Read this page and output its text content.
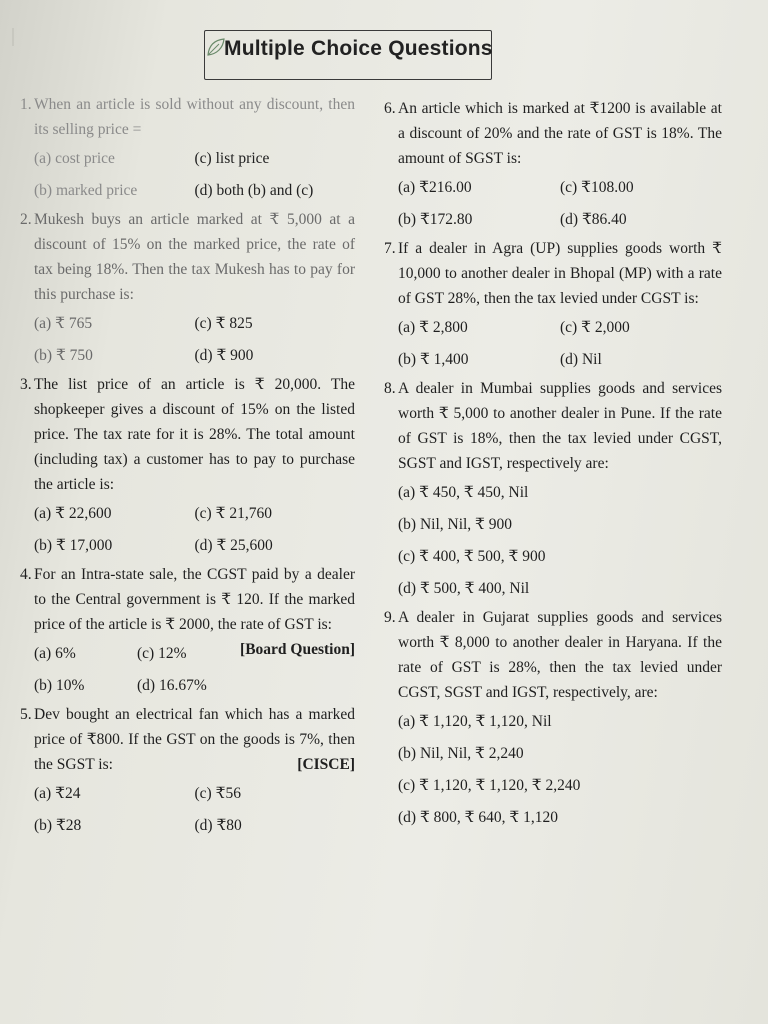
Multiple Choice Questions
1. When an article is sold without any discount, then its selling price =
(a) cost price	(c) list price
(b) marked price	(d) both (b) and (c)
2. Mukesh buys an article marked at ₹ 5,000 at a discount of 15% on the marked price, the rate of tax being 18%. Then the tax Mukesh has to pay for this purchase is:
(a) ₹ 765	(c) ₹ 825
(b) ₹ 750	(d) ₹ 900
3. The list price of an article is ₹ 20,000. The shopkeeper gives a discount of 15% on the listed price. The tax rate for it is 28%. The total amount (including tax) a customer has to pay to purchase the article is:
(a) ₹ 22,600	(c) ₹ 21,760
(b) ₹ 17,000	(d) ₹ 25,600
4. For an Intra-state sale, the CGST paid by a dealer to the Central government is ₹ 120. If the marked price of the article is ₹ 2000, the rate of GST is:
[Board Question]
(a) 6%	(c) 12%
(b) 10%	(d) 16.67%
5. Dev bought an electrical fan which has a marked price of ₹800. If the GST on the goods is 7%, then the SGST is:	[CISCE]
(a) ₹24	(c) ₹56
(b) ₹28	(d) ₹80
6. An article which is marked at ₹1200 is available at a discount of 20% and the rate of GST is 18%. The amount of SGST is:
(a) ₹216.00	(c) ₹108.00
(b) ₹172.80	(d) ₹86.40
7. If a dealer in Agra (UP) supplies goods worth ₹ 10,000 to another dealer in Bhopal (MP) with a rate of GST 28%, then the tax levied under CGST is:
(a) ₹ 2,800	(c) ₹ 2,000
(b) ₹ 1,400	(d) Nil
8. A dealer in Mumbai supplies goods and services worth ₹ 5,000 to another dealer in Pune. If the rate of GST is 18%, then the tax levied under CGST, SGST and IGST, respectively are:
(a) ₹ 450, ₹ 450, Nil
(b) Nil, Nil, ₹ 900
(c) ₹ 400, ₹ 500, ₹ 900
(d) ₹ 500, ₹ 400, Nil
9. A dealer in Gujarat supplies goods and services worth ₹ 8,000 to another dealer in Haryana. If the rate of GST is 28%, then the tax levied under CGST, SGST and IGST, respectively, are:
(a) ₹ 1,120, ₹ 1,120, Nil
(b) Nil, Nil, ₹ 2,240
(c) ₹ 1,120, ₹ 1,120, ₹ 2,240
(d) ₹ 800, ₹ 640, ₹ 1,120
